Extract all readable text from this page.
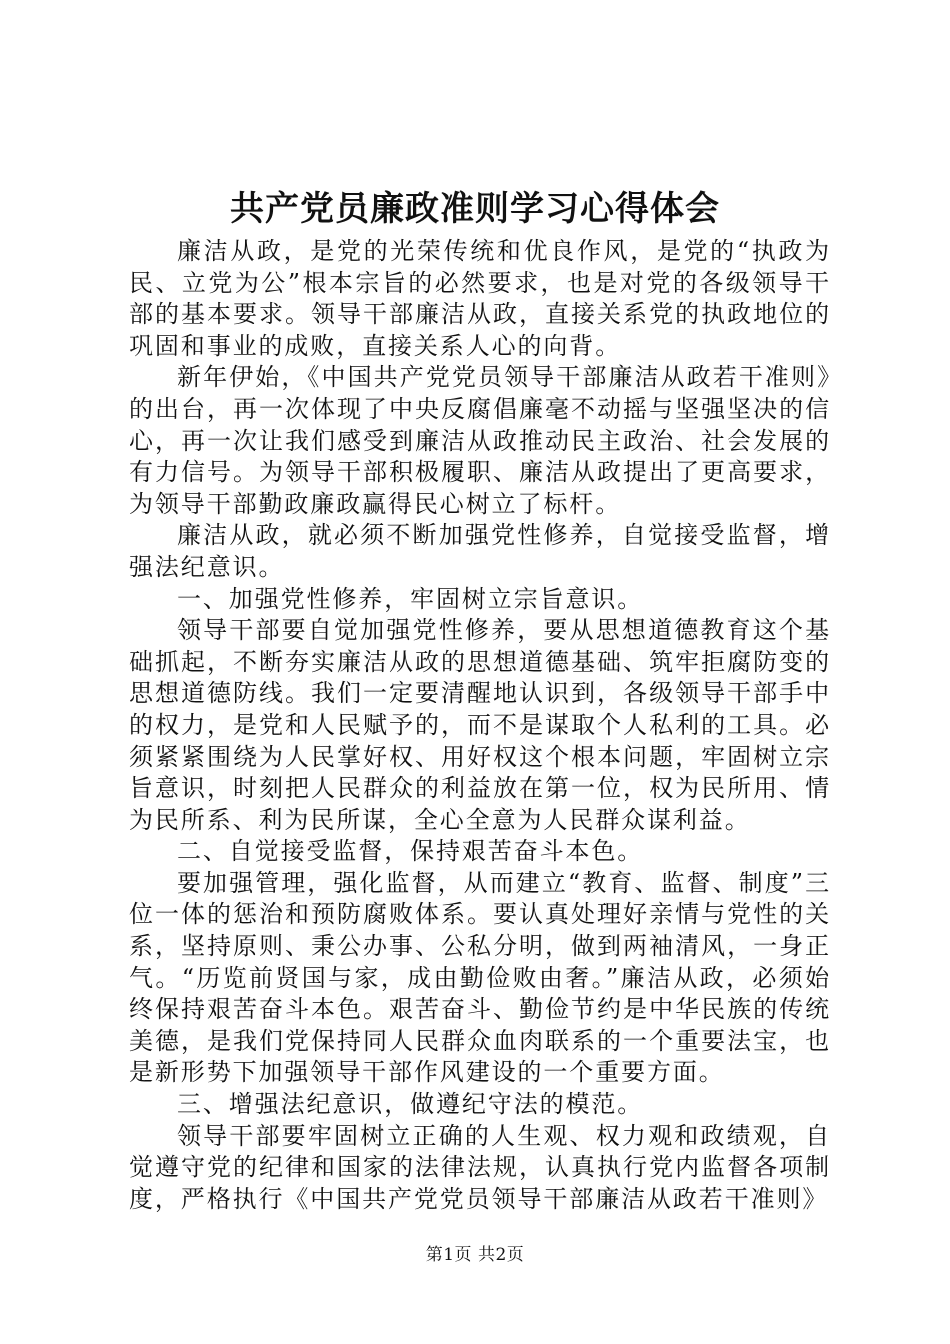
共产党员廉政准则学习心得体会

廉洁从政，是党的光荣传统和优良作风，是党的“执政为民、立党为公”根本宗旨的必然要求，也是对党的各级领导干部的基本要求。领导干部廉洁从政，直接关系党的执政地位的巩固和事业的成败，直接关系人心的向背。

新年伊始，《中国共产党党员领导干部廉洁从政若干准则》的出台，再一次体现了中央反腐倡廉毫不动摇与坚强坚决的信心，再一次让我们感受到廉洁从政推动民主政治、社会发展的有力信号。为领导干部积极履职、廉洁从政提出了更高要求，为领导干部勤政廉政赢得民心树立了标杆。

廉洁从政，就必须不断加强党性修养，自觉接受监督，增强法纪意识。

一、加强党性修养，牢固树立宗旨意识。

领导干部要自觉加强党性修养，要从思想道德教育这个基础抓起，不断夯实廉洁从政的思想道德基础、筑牢拒腐防变的思想道德防线。我们一定要清醒地认识到，各级领导干部手中的权力，是党和人民赋予的，而不是谋取个人私利的工具。必须紧紧围绕为人民掌好权、用好权这个根本问题，牢固树立宗旨意识，时刻把人民群众的利益放在第一位，权为民所用、情为民所系、利为民所谋，全心全意为人民群众谋利益。

二、自觉接受监督，保持艰苦奋斗本色。

要加强管理，强化监督，从而建立“教育、监督、制度”三位一体的惩治和预防腐败体系。要认真处理好亲情与党性的关系，坚持原则、秉公办事、公私分明，做到两袖清风，一身正气。“历览前贤国与家，成由勤俭败由奢。”廉洁从政，必须始终保持艰苦奋斗本色。艰苦奋斗、勤俭节约是中华民族的传统美德，是我们党保持同人民群众血肉联系的一个重要法宝，也是新形势下加强领导干部作风建设的一个重要方面。

三、增强法纪意识，做遵纪守法的模范。

领导干部要牢固树立正确的人生观、权力观和政绩观，自觉遵守党的纪律和国家的法律法规，认真执行党内监督各项制度，严格执行《中国共产党党员领导干部廉洁从政若干准则》

第1页 共2页
